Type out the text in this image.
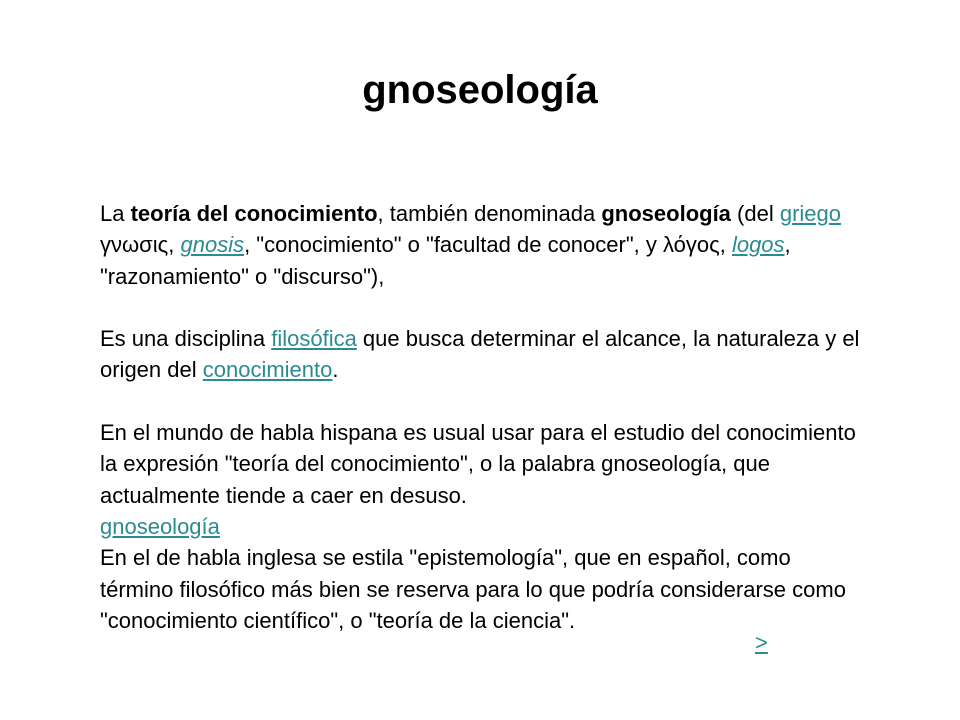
gnoseología

La teoría del conocimiento, también denominada gnoseología (del griego γνωσις, gnosis, "conocimiento" o "facultad de conocer", y λόγος, logos, "razonamiento" o "discurso"),

Es una disciplina filosófica que busca determinar el alcance, la naturaleza y el origen del conocimiento.

En el mundo de habla hispana es usual usar para el estudio del conocimiento la expresión "teoría del conocimiento", o la palabra gnoseología, que actualmente tiende a caer en desuso.

gnoseología

En el de habla inglesa se estila "epistemología", que en español, como término filosófico más bien se reserva para lo que podría considerarse como "conocimiento científico", o "teoría de la ciencia".

>
